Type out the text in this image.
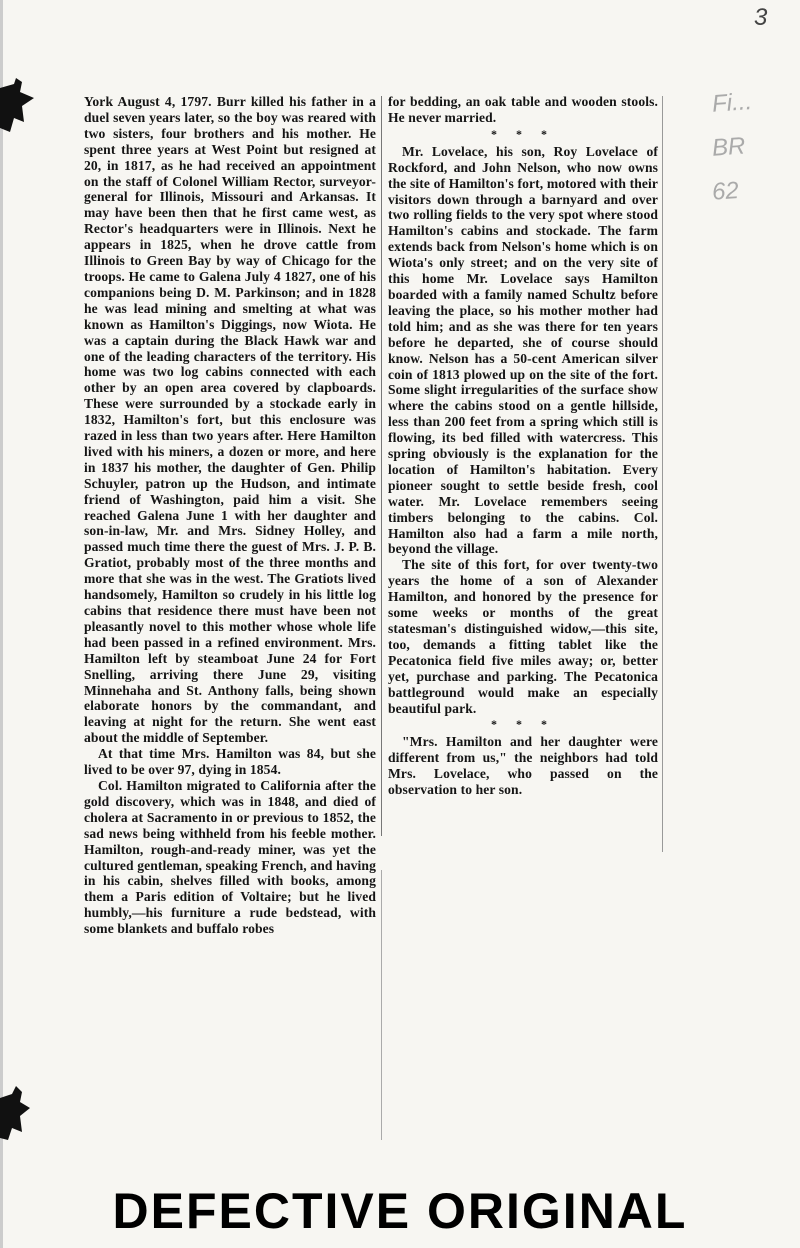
3
Fi...
BR
62

York August 4, 1797. Burr killed his father in a duel seven years later, so the boy was reared with two sisters, four brothers and his mother. He spent three years at West Point but resigned at 20, in 1817, as he had received an appointment on the staff of Colonel William Rector, surveyor-general for Illinois, Missouri and Arkansas. It may have been then that he first came west, as Rector's headquarters were in Illinois. Next he appears in 1825, when he drove cattle from Illinois to Green Bay by way of Chicago for the troops. He came to Galena July 4 1827, one of his companions being D. M. Parkinson; and in 1828 he was lead mining and smelting at what was known as Hamilton's Diggings, now Wiota. He was a captain during the Black Hawk war and one of the leading characters of the territory. His home was two log cabins connected with each other by an open area covered by clapboards. These were surrounded by a stockade early in 1832, Hamilton's fort, but this enclosure was razed in less than two years after. Here Hamilton lived with his miners, a dozen or more, and here in 1837 his mother, the daughter of Gen. Philip Schuyler, patron up the Hudson, and intimate friend of Washington, paid him a visit. She reached Galena June 1 with her daughter and son-in-law, Mr. and Mrs. Sidney Holley, and passed much time there the guest of Mrs. J. P. B. Gratiot, probably most of the three months and more that she was in the west. The Gratiots lived handsomely, Hamilton so crudely in his little log cabins that residence there must have been not pleasantly novel to this mother whose whole life had been passed in a refined environment. Mrs. Hamilton left by steamboat June 24 for Fort Snelling, arriving there June 29, visiting Minnehaha and St. Anthony falls, being shown elaborate honors by the commandant, and leaving at night for the return. She went east about the middle of September.

At that time Mrs. Hamilton was 84, but she lived to be over 97, dying in 1854.

Col. Hamilton migrated to California after the gold discovery, which was in 1848, and died of cholera at Sacramento in or previous to 1852, the sad news being withheld from his feeble mother. Hamilton, rough-and-ready miner, was yet the cultured gentleman, speaking French, and having in his cabin, shelves filled with books, among them a Paris edition of Voltaire; but he lived humbly,—his furniture a rude bedstead, with some blankets and buffalo robes

for bedding, an oak table and wooden stools. He never married.

* * *

Mr. Lovelace, his son, Roy Lovelace of Rockford, and John Nelson, who now owns the site of Hamilton's fort, motored with their visitors down through a barnyard and over two rolling fields to the very spot where stood Hamilton's cabins and stockade. The farm extends back from Nelson's home which is on Wiota's only street; and on the very site of this home Mr. Lovelace says Hamilton boarded with a family named Schultz before leaving the place, so his mother mother had told him; and as she was there for ten years before he departed, she of course should know. Nelson has a 50-cent American silver coin of 1813 plowed up on the site of the fort. Some slight irregularities of the surface show where the cabins stood on a gentle hillside, less than 200 feet from a spring which still is flowing, its bed filled with watercress. This spring obviously is the explanation for the location of Hamilton's habitation. Every pioneer sought to settle beside fresh, cool water. Mr. Lovelace remembers seeing timbers belonging to the cabins. Col. Hamilton also had a farm a mile north, beyond the village.

The site of this fort, for over twenty-two years the home of a son of Alexander Hamilton, and honored by the presence for some weeks or months of the great statesman's distinguished widow,—this site, too, demands a fitting tablet like the Pecatonica field five miles away; or, better yet, purchase and parking. The Pecatonica battleground would make an especially beautiful park.

* * *

"Mrs. Hamilton and her daughter were different from us," the neighbors had told Mrs. Lovelace, who passed on the observation to her son.

DEFECTIVE ORIGINAL
